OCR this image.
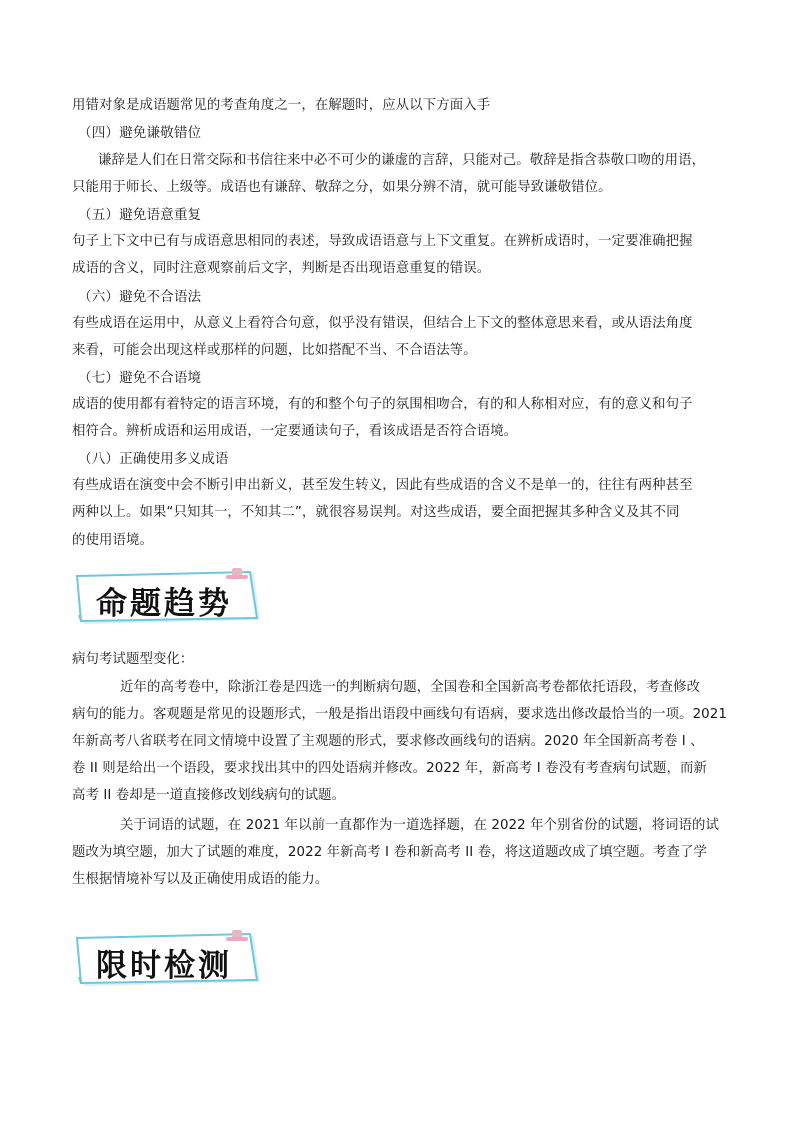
用错对象是成语题常见的考查角度之一，在解题时，应从以下方面入手
（四）避免谦敬错位
谦辞是人们在日常交际和书信往来中必不可少的谦虚的言辞，只能对己。敬辞是指含恭敬口吻的用语，
只能用于师长、上级等。成语也有谦辞、敬辞之分，如果分辨不清，就可能导致谦敬错位。
（五）避免语意重复
句子上下文中已有与成语意思相同的表述，导致成语语意与上下文重复。在辨析成语时，一定要准确把握
成语的含义，同时注意观察前后文字，判断是否出现语意重复的错误。
（六）避免不合语法
有些成语在运用中，从意义上看符合句意，似乎没有错误，但结合上下文的整体意思来看，或从语法角度
来看，可能会出现这样或那样的问题，比如搭配不当、不合语法等。
（七）避免不合语境
成语的使用都有着特定的语言环境，有的和整个句子的氛围相吻合，有的和人称相对应，有的意义和句子
相符合。辨析成语和运用成语，一定要通读句子，看该成语是否符合语境。
（八）正确使用多义成语
有些成语在演变中会不断引申出新义，甚至发生转义，因此有些成语的含义不是单一的，往往有两种甚至
两种以上。如果“只知其一，不知其二”，就很容易误判。对这些成语，要全面把握其多种含义及其不同
的使用语境。
命题趋势
病句考试题型变化：
近年的高考卷中，除浙江卷是四选一的判断病句题，全国卷和全国新高考卷都依托语段，考查修改
病句的能力。客观题是常见的设题形式，一般是指出语段中画线句有语病，要求选出修改最恰当的一项。2021
年新高考八省联考在同文情境中设置了主观题的形式，要求修改画线句的语病。2020 年全国新高考卷 I 、
卷 II 则是给出一个语段，要求找出其中的四处语病并修改。2022 年，新高考 I 卷没有考查病句试题，而新
高考 II 卷却是一道直接修改划线病句的试题。
关于词语的试题，在 2021 年以前一直都作为一道选择题，在 2022 年个别省份的试题，将词语的试
题改为填空题，加大了试题的难度，2022 年新高考 I 卷和新高考 II 卷，将这道题改成了填空题。考查了学
生根据情境补写以及正确使用成语的能力。
限时检测
